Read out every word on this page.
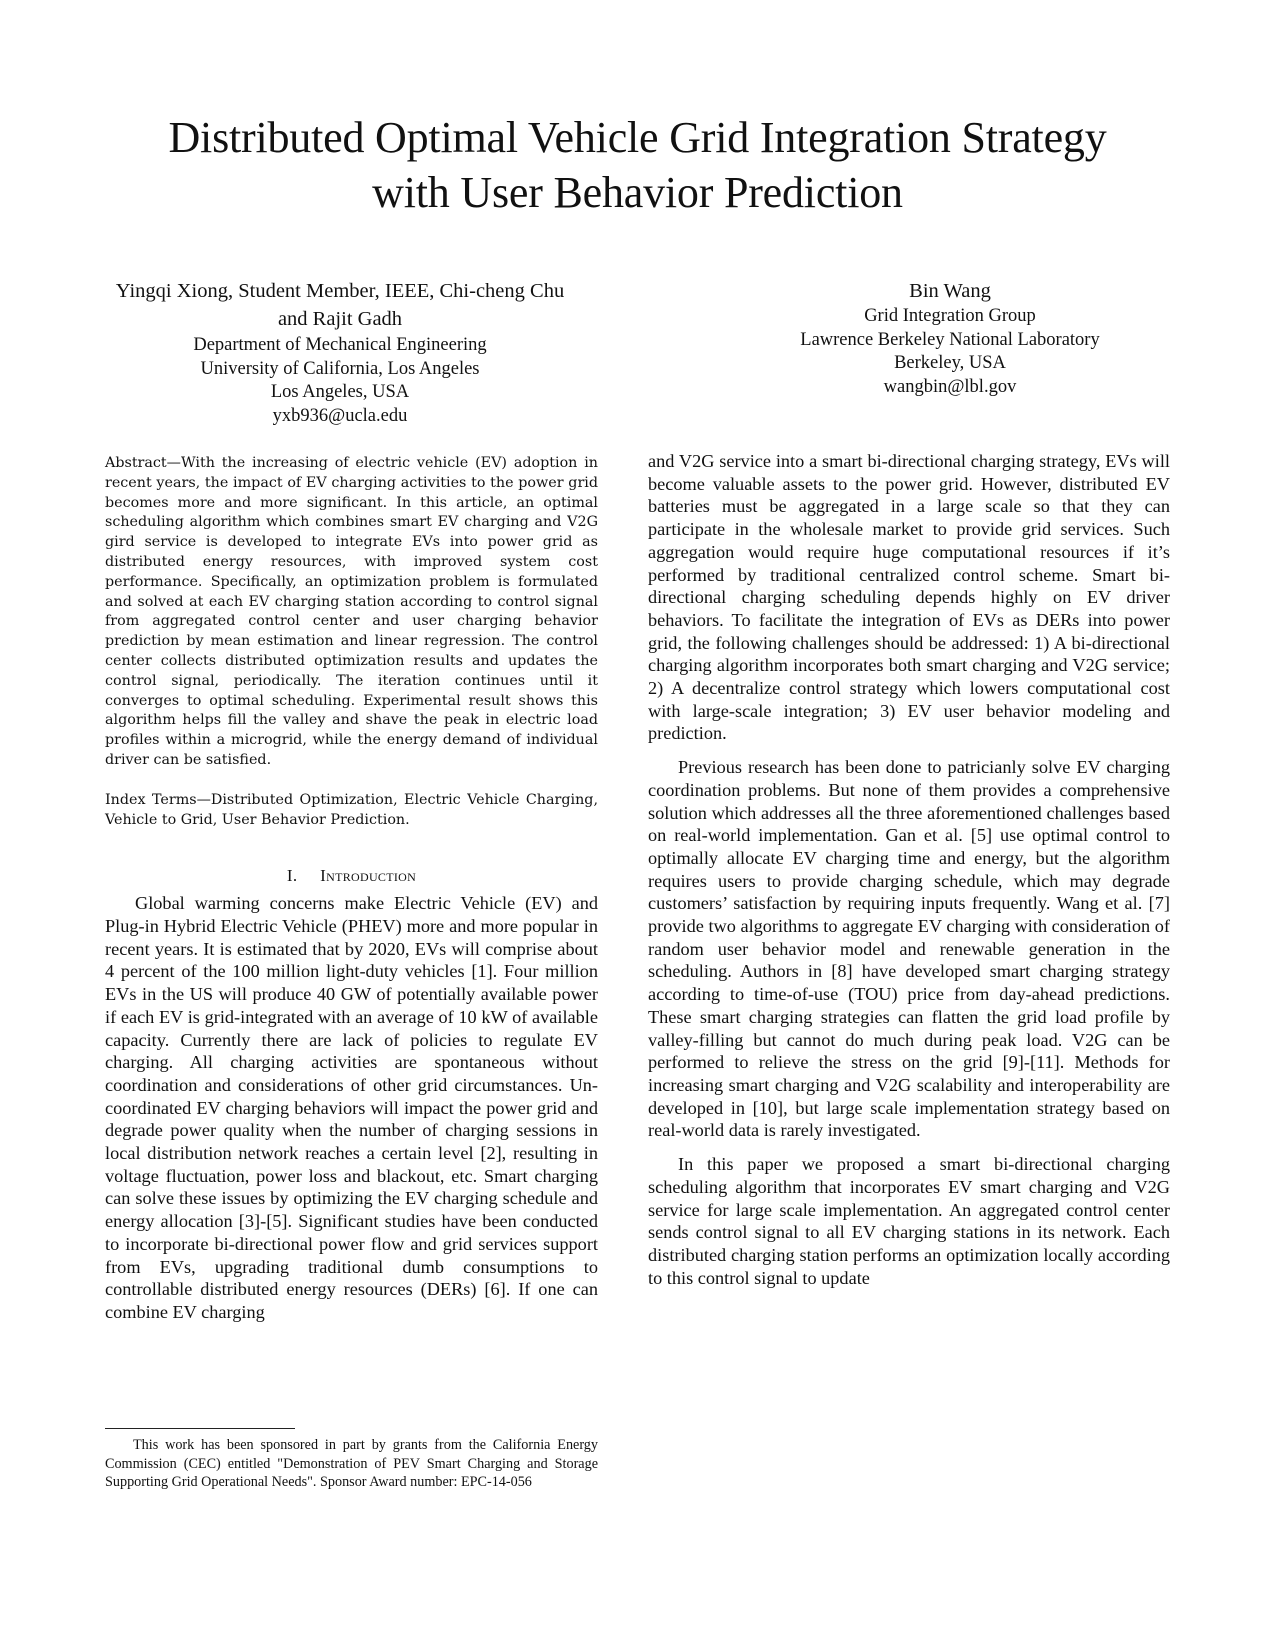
Distributed Optimal Vehicle Grid Integration Strategy
with User Behavior Prediction
Yingqi Xiong, Student Member, IEEE, Chi-cheng Chu
and Rajit Gadh
Department of Mechanical Engineering
University of California, Los Angeles
Los Angeles, USA
yxb936@ucla.edu
Bin Wang
Grid Integration Group
Lawrence Berkeley National Laboratory
Berkeley, USA
wangbin@lbl.gov

Abstract—With the increasing of electric vehicle (EV) adoption in recent years, the impact of EV charging activities to the power grid becomes more and more significant. In this article, an optimal scheduling algorithm which combines smart EV charging and V2G gird service is developed to integrate EVs into power grid as distributed energy resources, with improved system cost performance. Specifically, an optimization problem is formulated and solved at each EV charging station according to control signal from aggregated control center and user charging behavior prediction by mean estimation and linear regression. The control center collects distributed optimization results and updates the control signal, periodically. The iteration continues until it converges to optimal scheduling. Experimental result shows this algorithm helps fill the valley and shave the peak in electric load profiles within a microgrid, while the energy demand of individual driver can be satisfied.

Index Terms—Distributed Optimization, Electric Vehicle Charging, Vehicle to Grid, User Behavior Prediction.

I. Introduction

Global warming concerns make Electric Vehicle (EV) and Plug-in Hybrid Electric Vehicle (PHEV) more and more popular in recent years. It is estimated that by 2020, EVs will comprise about 4 percent of the 100 million light-duty vehicles [1]. Four million EVs in the US will produce 40 GW of potentially available power if each EV is grid-integrated with an average of 10 kW of available capacity. Currently there are lack of policies to regulate EV charging. All charging activities are spontaneous without coordination and considerations of other grid circumstances. Un-coordinated EV charging behaviors will impact the power grid and degrade power quality when the number of charging sessions in local distribution network reaches a certain level [2], resulting in voltage fluctuation, power loss and blackout, etc. Smart charging can solve these issues by optimizing the EV charging schedule and energy allocation [3]-[5]. Significant studies have been conducted to incorporate bi-directional power flow and grid services support from EVs, upgrading traditional dumb consumptions to controllable distributed energy resources (DERs) [6]. If one can combine EV charging

and V2G service into a smart bi-directional charging strategy, EVs will become valuable assets to the power grid. However, distributed EV batteries must be aggregated in a large scale so that they can participate in the wholesale market to provide grid services. Such aggregation would require huge computational resources if it’s performed by traditional centralized control scheme. Smart bi-directional charging scheduling depends highly on EV driver behaviors. To facilitate the integration of EVs as DERs into power grid, the following challenges should be addressed: 1) A bi-directional charging algorithm incorporates both smart charging and V2G service; 2) A decentralize control strategy which lowers computational cost with large-scale integration; 3) EV user behavior modeling and prediction.

Previous research has been done to patricianly solve EV charging coordination problems. But none of them provides a comprehensive solution which addresses all the three aforementioned challenges based on real-world implementation. Gan et al. [5] use optimal control to optimally allocate EV charging time and energy, but the algorithm requires users to provide charging schedule, which may degrade customers’ satisfaction by requiring inputs frequently. Wang et al. [7] provide two algorithms to aggregate EV charging with consideration of random user behavior model and renewable generation in the scheduling. Authors in [8] have developed smart charging strategy according to time-of-use (TOU) price from day-ahead predictions. These smart charging strategies can flatten the grid load profile by valley-filling but cannot do much during peak load. V2G can be performed to relieve the stress on the grid [9]-[11]. Methods for increasing smart charging and V2G scalability and interoperability are developed in [10], but large scale implementation strategy based on real-world data is rarely investigated.

In this paper we proposed a smart bi-directional charging scheduling algorithm that incorporates EV smart charging and V2G service for large scale implementation. An aggregated control center sends control signal to all EV charging stations in its network. Each distributed charging station performs an optimization locally according to this control signal to update

This work has been sponsored in part by grants from the California Energy Commission (CEC) entitled "Demonstration of PEV Smart Charging and Storage Supporting Grid Operational Needs". Sponsor Award number: EPC-14-056
